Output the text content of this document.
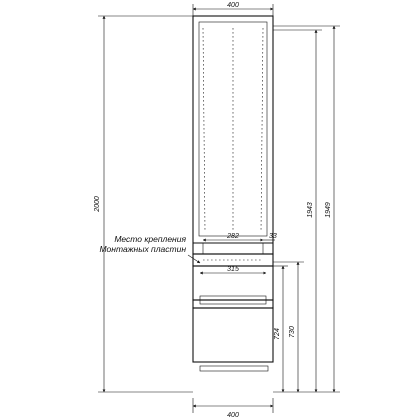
400
400
2000	1949
1943
730
724
282	33
315
Место крепления
Монтажных пластин
